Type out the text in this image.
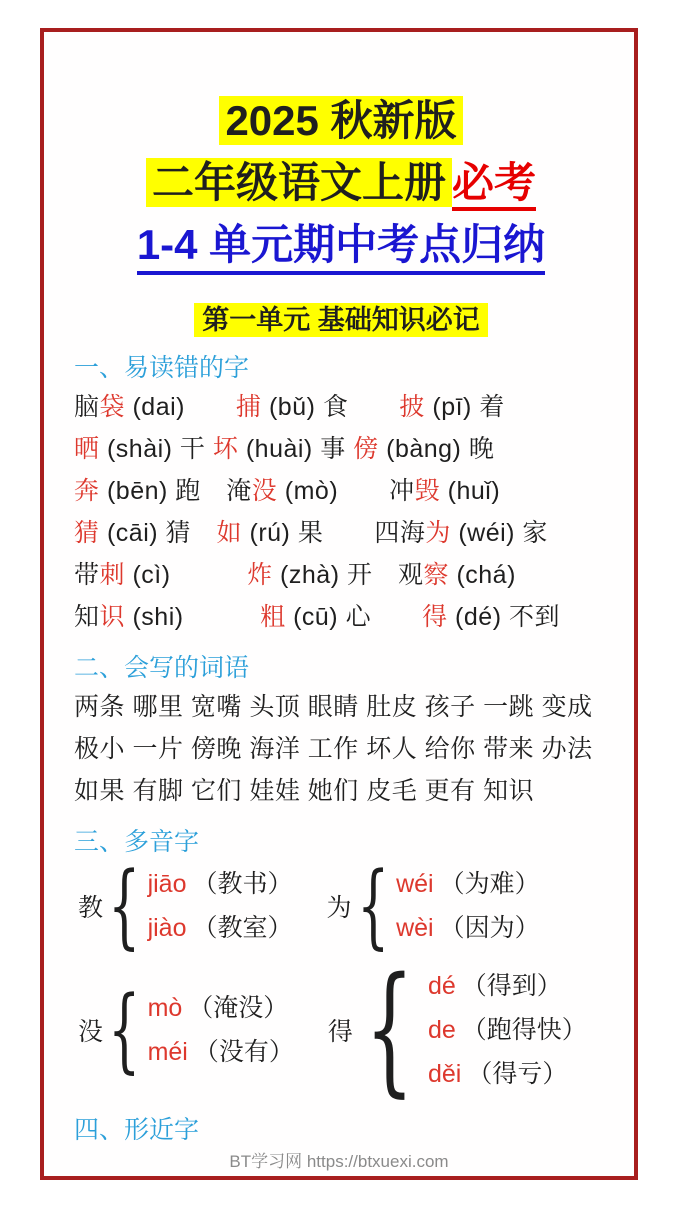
2025 秋新版
二年级语文上册 必考
1-4 单元期中考点归纳
第一单元 基础知识必记
一、易读错的字
脑袋 (dai)　　 捕 (bǔ) 食　　 披 (pī) 着
晒 (shài) 干 坏 (huài) 事 傍 (bàng) 晚
奔 (bēn) 跑　淹没 (mò)　　 冲毁 (huǐ)
猜 (cāi) 猜　如 (rú) 果　　 四海为 (wéi) 家
带刺 (cì)　　　	炸 (zhà) 开　观察 (chá)
知识 (shi)　　　	粗 (cū) 心　　 得 (dé) 不到
二、会写的词语
两条 哪里 宽嘴 头顶 眼睛 肚皮 孩子 一跳 变成
极小 一片 傍晚 海洋 工作 坏人 给你 带来 办法
如果 有脚 它们 娃娃 她们 皮毛 更有 知识
三、多音字
教 { jiāo （教书）
jiào （教室）
为 { wéi （为难）
wèi （因为）
没 { mò （淹没）
méi （没有）
得 { dé （得到）
de （跑得快）
děi （得亏）
四、形近字
BT学习网 https://btxuexi.com
